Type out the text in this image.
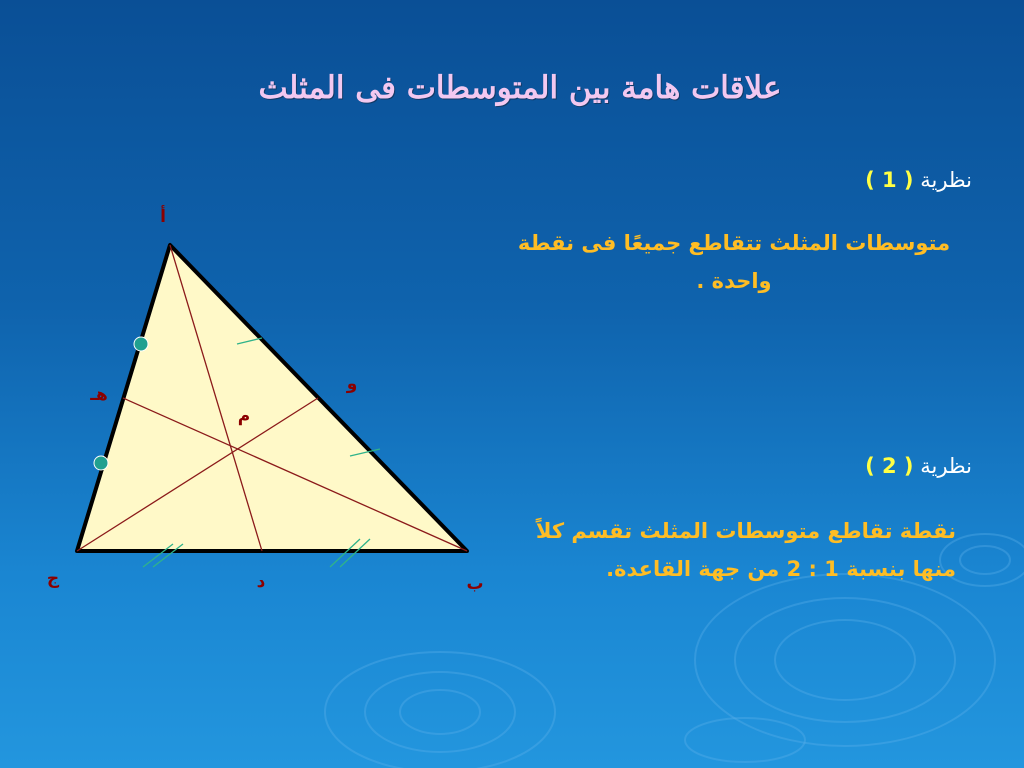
علاقات هامة بين المتوسطات فى المثلث
نظرية ( 1 )
متوسطات المثلث تتقاطع جميعًا فى نقطة
واحدة .
نظرية ( 2 )
نقطة تقاطع متوسطات المثلث تقسم كلاً
منها بنسبة 1 : 2 من جهة القاعدة.
أ
ب
ج	د
هـ
و
م
